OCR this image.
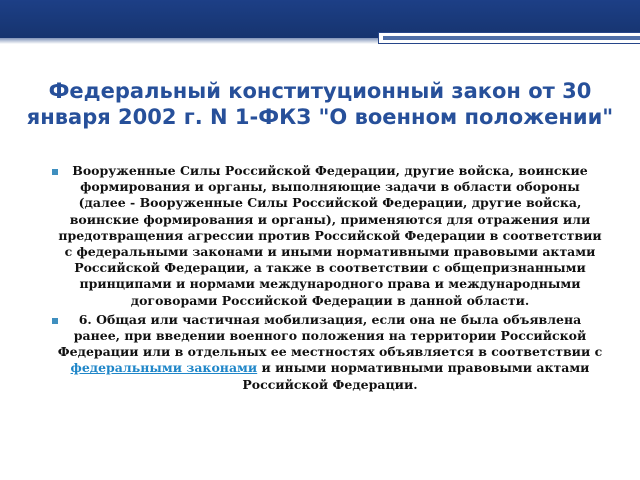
Федеральный конституционный закон от 30 января 2002 г. N 1-ФКЗ "О военном положении"
Вооруженные Силы Российской Федерации, другие войска, воинские формирования и органы, выполняющие задачи в области обороны (далее - Вооруженные Силы Российской Федерации, другие войска, воинские формирования и органы), применяются для отражения или предотвращения агрессии против Российской Федерации в соответствии с федеральными законами и иными нормативными правовыми актами Российской Федерации, а также в соответствии с общепризнанными принципами и нормами международного права и международными договорами Российской Федерации в данной области.
6. Общая или частичная мобилизация, если она не была объявлена ранее, при введении военного положения на территории Российской Федерации или в отдельных ее местностях объявляется в соответствии с федеральными законами и иными нормативными правовыми актами Российской Федерации.
